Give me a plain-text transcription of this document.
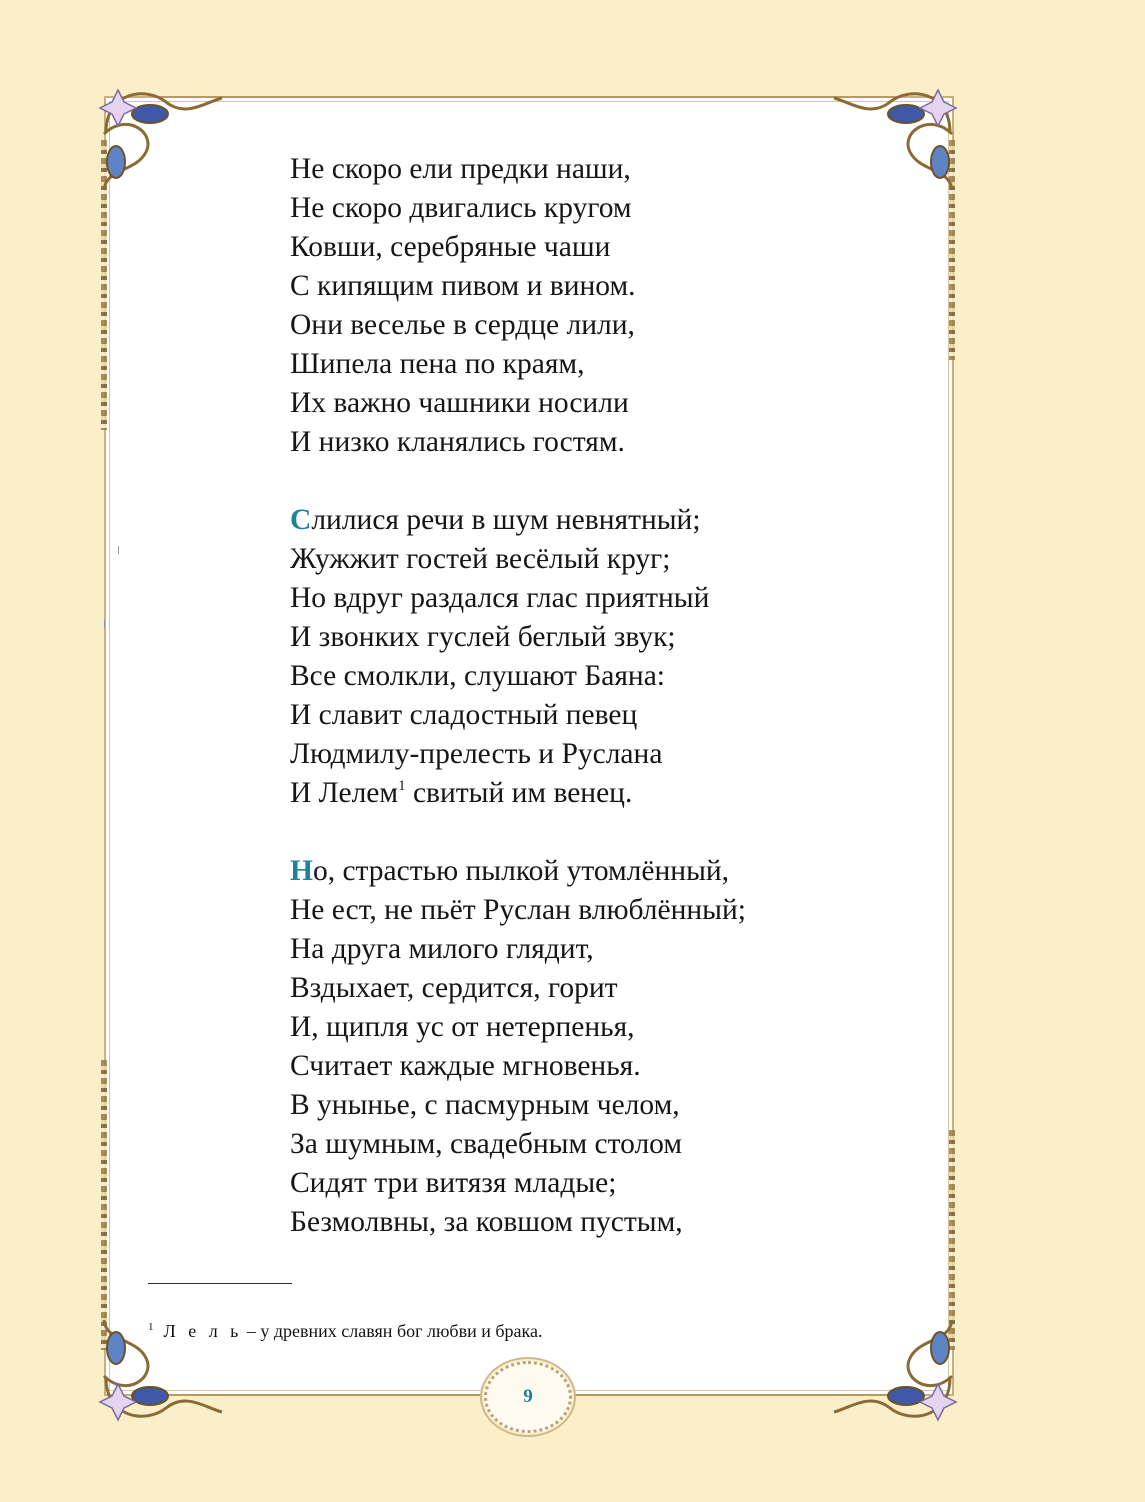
Не скоро ели предки наши,
Не скоро двигались кругом
Ковши, серебряные чаши
С кипящим пивом и вином.
Они веселье в сердце лили,
Шипела пена по краям,
Их важно чашники носили
И низко кланялись гостям.
Слилися речи в шум невнятный;
Жужжит гостей весёлый круг;
Но вдруг раздался глас приятный
И звонких гуслей беглый звук;
Все смолкли, слушают Баяна:
И славит сладостный певец
Людмилу-прелесть и Руслана
И Лелем$^1$ свитый им венец.
Но, страстью пылкой утомлённый,
Не ест, не пьёт Руслан влюблённый;
На друга милого глядит,
Вздыхает, сердится, горит
И, щипля ус от нетерпенья,
Считает каждые мгновенья.
В унынье, с пасмурным челом,
За шумным, свадебным столом
Сидят три витязя младые;
Безмолвны, за ковшом пустым,
$^1$ Л е л ь – у древних славян бог любви и брака.
9
